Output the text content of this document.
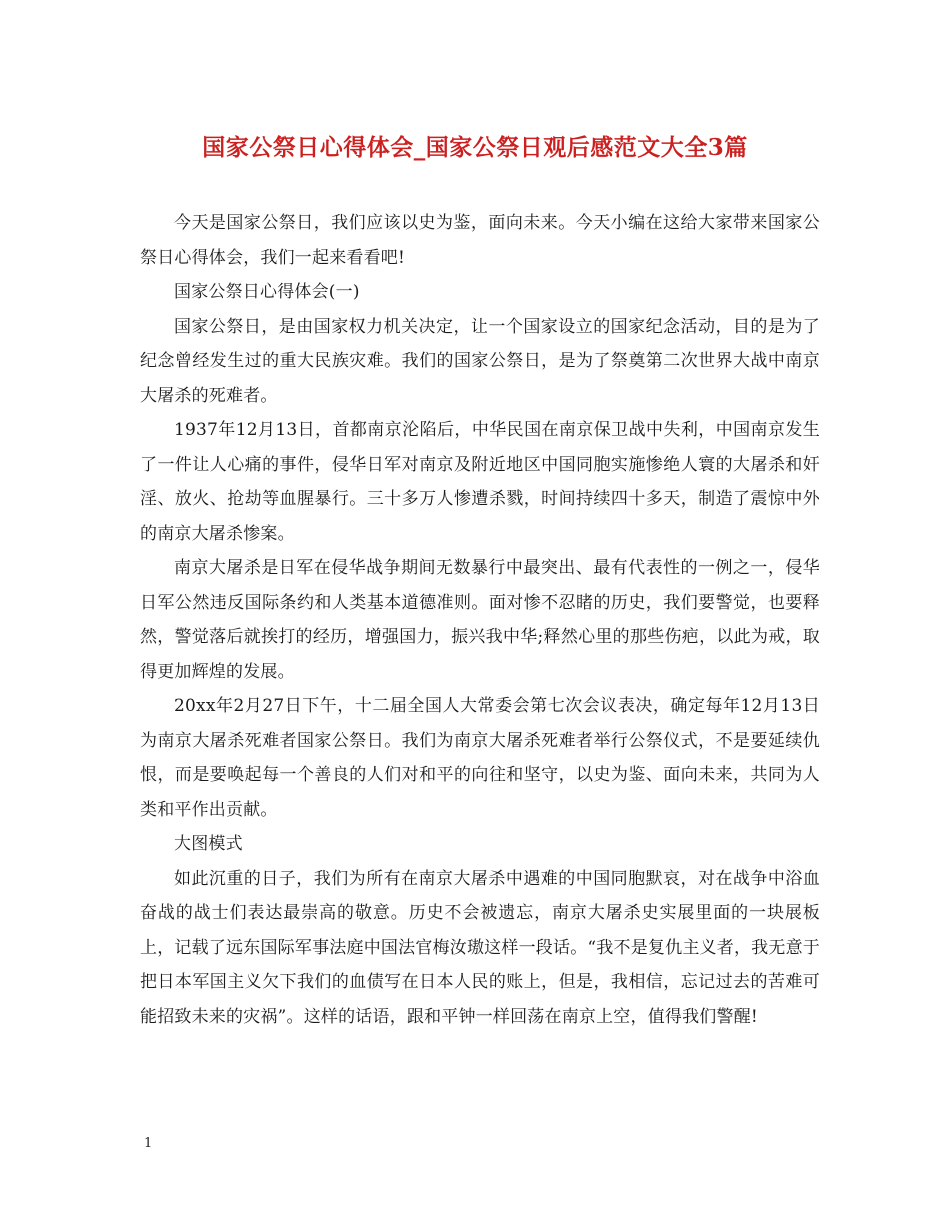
国家公祭日心得体会_国家公祭日观后感范文大全3篇

今天是国家公祭日，我们应该以史为鉴，面向未来。今天小编在这给大家带来国家公祭日心得体会，我们一起来看看吧!

国家公祭日心得体会(一)

国家公祭日，是由国家权力机关决定，让一个国家设立的国家纪念活动，目的是为了纪念曾经发生过的重大民族灾难。我们的国家公祭日，是为了祭奠第二次世界大战中南京大屠杀的死难者。

1937年12月13日，首都南京沦陷后，中华民国在南京保卫战中失利，中国南京发生了一件让人心痛的事件，侵华日军对南京及附近地区中国同胞实施惨绝人寰的大屠杀和奸淫、放火、抢劫等血腥暴行。三十多万人惨遭杀戮，时间持续四十多天，制造了震惊中外的南京大屠杀惨案。

南京大屠杀是日军在侵华战争期间无数暴行中最突出、最有代表性的一例之一，侵华日军公然违反国际条约和人类基本道德准则。面对惨不忍睹的历史，我们要警觉，也要释然，警觉落后就挨打的经历，增强国力，振兴我中华;释然心里的那些伤疤，以此为戒，取得更加辉煌的发展。

20xx年2月27日下午，十二届全国人大常委会第七次会议表决，确定每年12月13日为南京大屠杀死难者国家公祭日。我们为南京大屠杀死难者举行公祭仪式，不是要延续仇恨，而是要唤起每一个善良的人们对和平的向往和坚守，以史为鉴、面向未来，共同为人类和平作出贡献。

大图模式

如此沉重的日子，我们为所有在南京大屠杀中遇难的中国同胞默哀，对在战争中浴血奋战的战士们表达最崇高的敬意。历史不会被遗忘，南京大屠杀史实展里面的一块展板上，记载了远东国际军事法庭中国法官梅汝璈这样一段话。“我不是复仇主义者，我无意于把日本军国主义欠下我们的血债写在日本人民的账上，但是，我相信，忘记过去的苦难可能招致未来的灾祸”。这样的话语，跟和平钟一样回荡在南京上空，值得我们警醒!

1
